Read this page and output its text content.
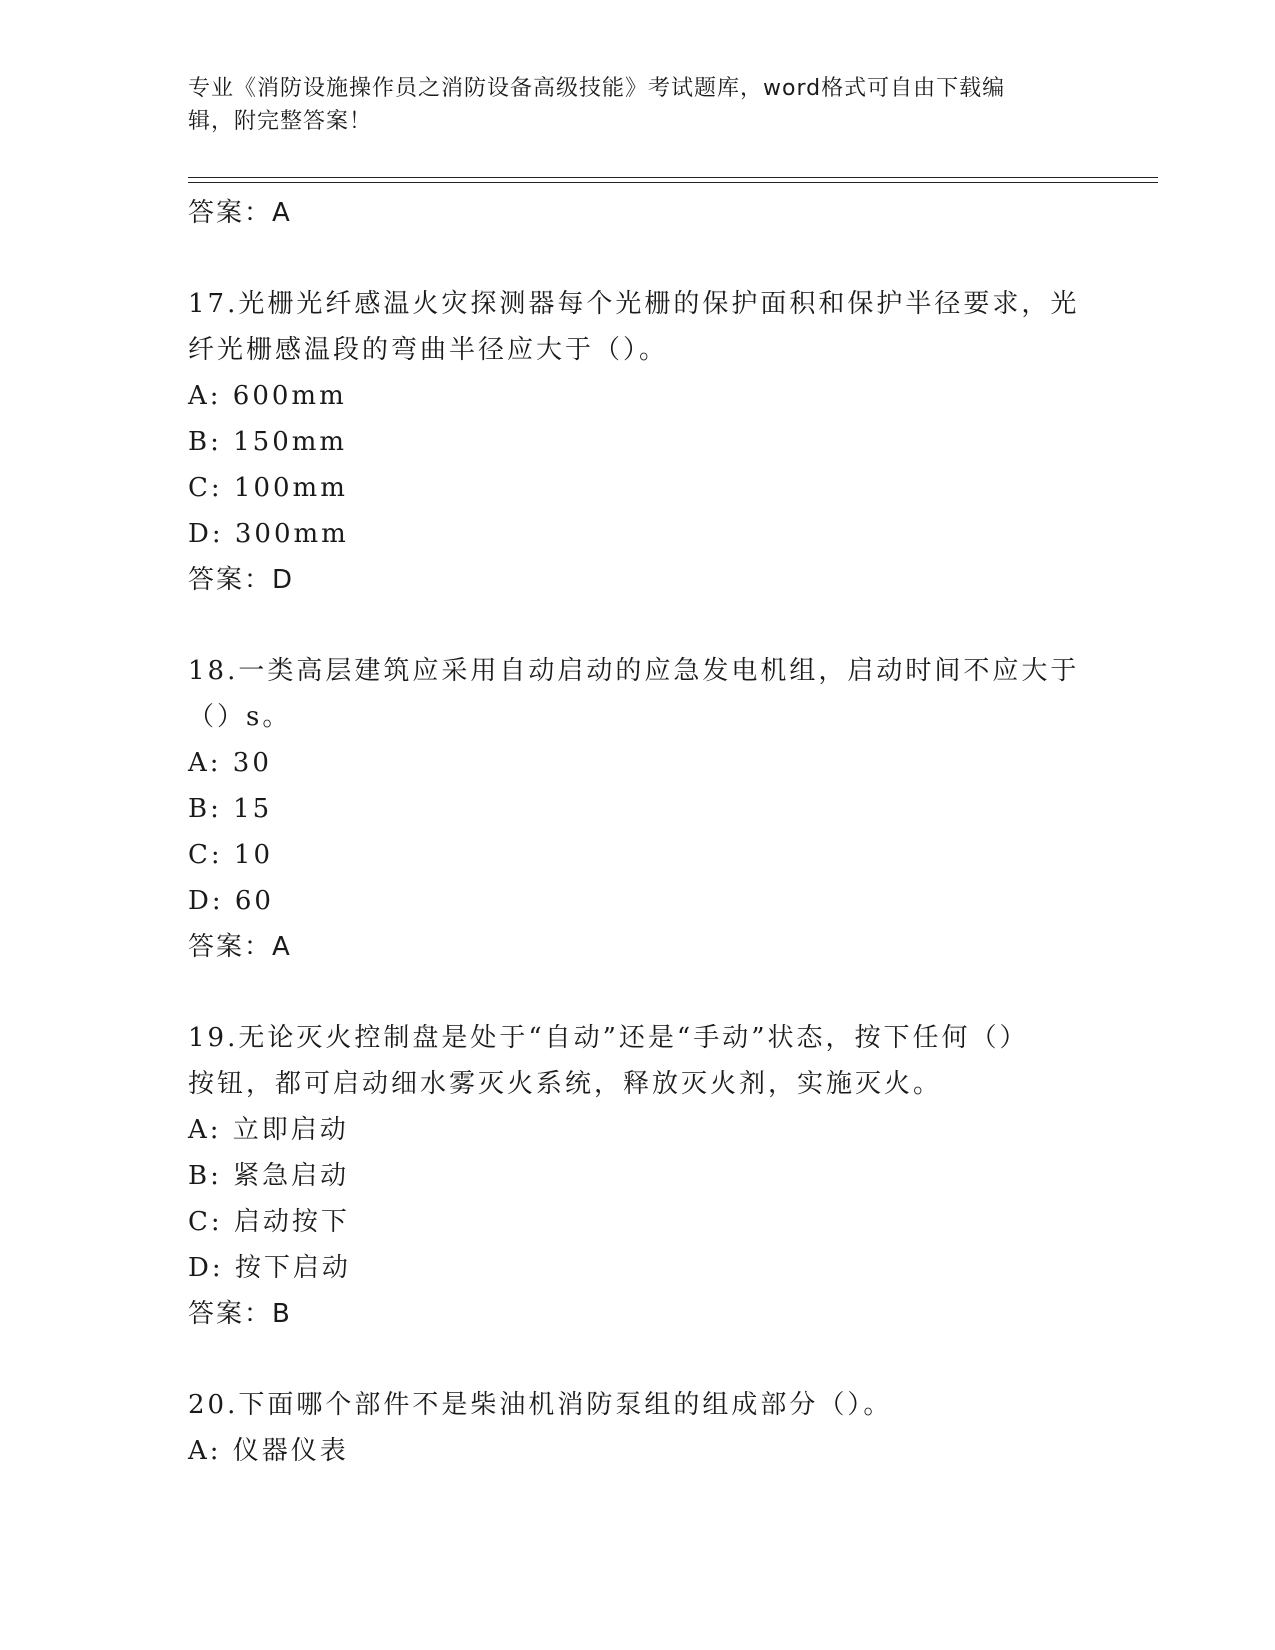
专业《消防设施操作员之消防设备高级技能》考试题库，word格式可自由下载编
辑，附完整答案！
答案：A
17.光栅光纤感温火灾探测器每个光栅的保护面积和保护半径要求，光
纤光栅感温段的弯曲半径应大于（）。
A: 600mm
B: 150mm
C: 100mm
D: 300mm
答案：D
18.一类高层建筑应采用自动启动的应急发电机组，启动时间不应大于
（）s。
A: 30
B: 15
C: 10
D: 60
答案：A
19.无论灭火控制盘是处于“自动”还是“手动”状态，按下任何（）
按钮，都可启动细水雾灭火系统，释放灭火剂，实施灭火。
A: 立即启动
B: 紧急启动
C: 启动按下
D: 按下启动
答案：B
20.下面哪个部件不是柴油机消防泵组的组成部分（）。
A: 仪器仪表
